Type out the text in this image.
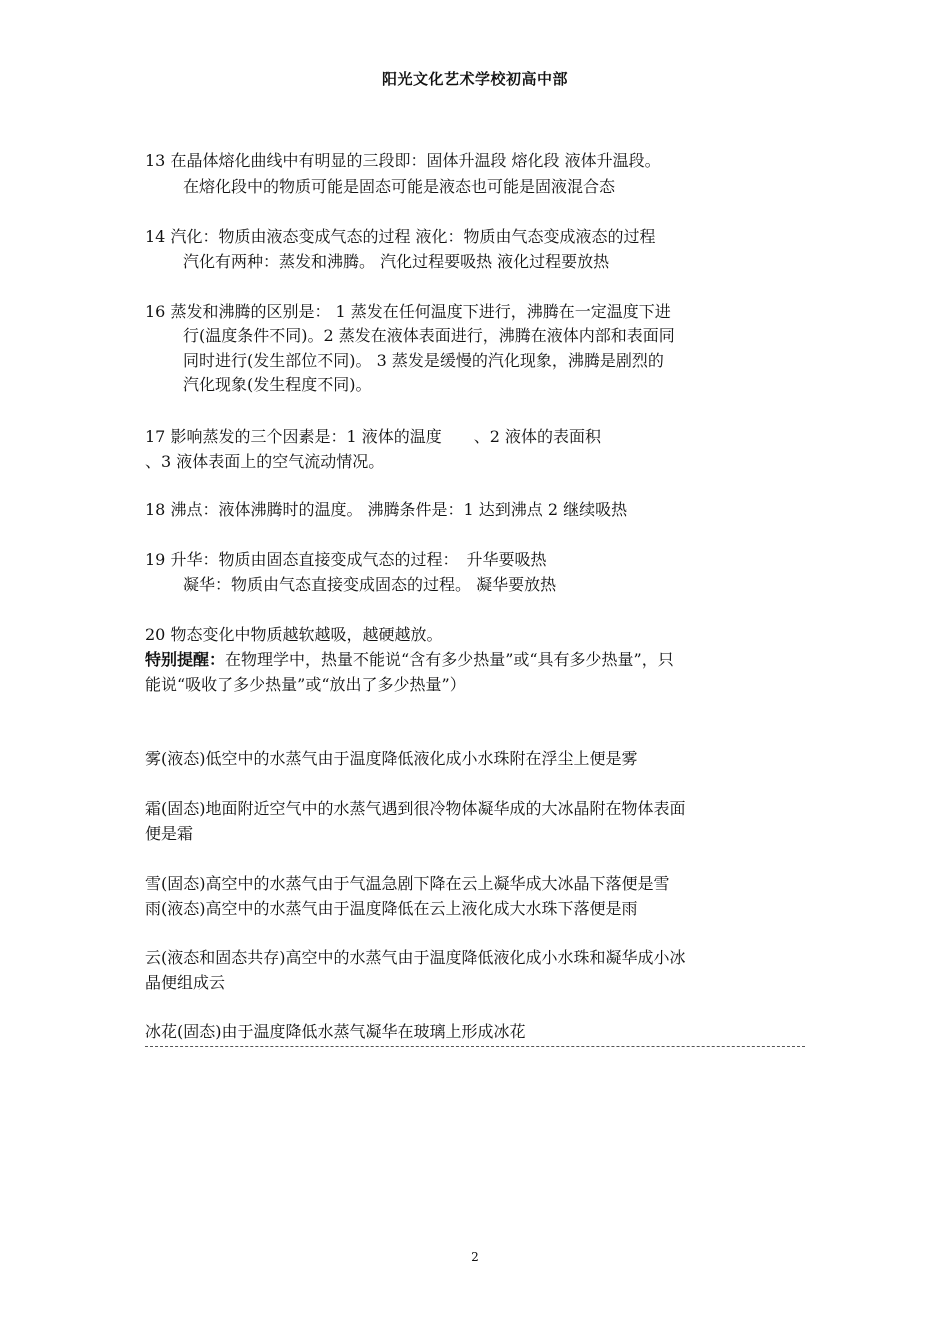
阳光文化艺术学校初高中部
13 在晶体熔化曲线中有明显的三段即：固体升温段 熔化段 液体升温段。
在熔化段中的物质可能是固态可能是液态也可能是固液混合态
14 汽化：物质由液态变成气态的过程 液化：物质由气态变成液态的过程
汽化有两种：蒸发和沸腾。 汽化过程要吸热 液化过程要放热
16 蒸发和沸腾的区别是： 1 蒸发在任何温度下进行，沸腾在一定温度下进
行(温度条件不同)。2 蒸发在液体表面进行，沸腾在液体内部和表面同
同时进行(发生部位不同)。 3 蒸发是缓慢的汽化现象，沸腾是剧烈的
汽化现象(发生程度不同)。
17 影响蒸发的三个因素是：1 液体的温度　　、2 液体的表面积
、3 液体表面上的空气流动情况。
18 沸点：液体沸腾时的温度。 沸腾条件是：1 达到沸点 2 继续吸热
19 升华：物质由固态直接变成气态的过程：　升华要吸热
凝华：物质由气态直接变成固态的过程。 凝华要放热
20 物态变化中物质越软越吸，越硬越放。
特别提醒：在物理学中，热量不能说“含有多少热量”或“具有多少热量”，只
能说“吸收了多少热量”或“放出了多少热量”）
雾(液态)低空中的水蒸气由于温度降低液化成小水珠附在浮尘上便是雾
霜(固态)地面附近空气中的水蒸气遇到很冷物体凝华成的大冰晶附在物体表面
便是霜
雪(固态)高空中的水蒸气由于气温急剧下降在云上凝华成大冰晶下落便是雪
雨(液态)高空中的水蒸气由于温度降低在云上液化成大水珠下落便是雨
云(液态和固态共存)高空中的水蒸气由于温度降低液化成小水珠和凝华成小冰
晶便组成云
冰花(固态)由于温度降低水蒸气凝华在玻璃上形成冰花
2
